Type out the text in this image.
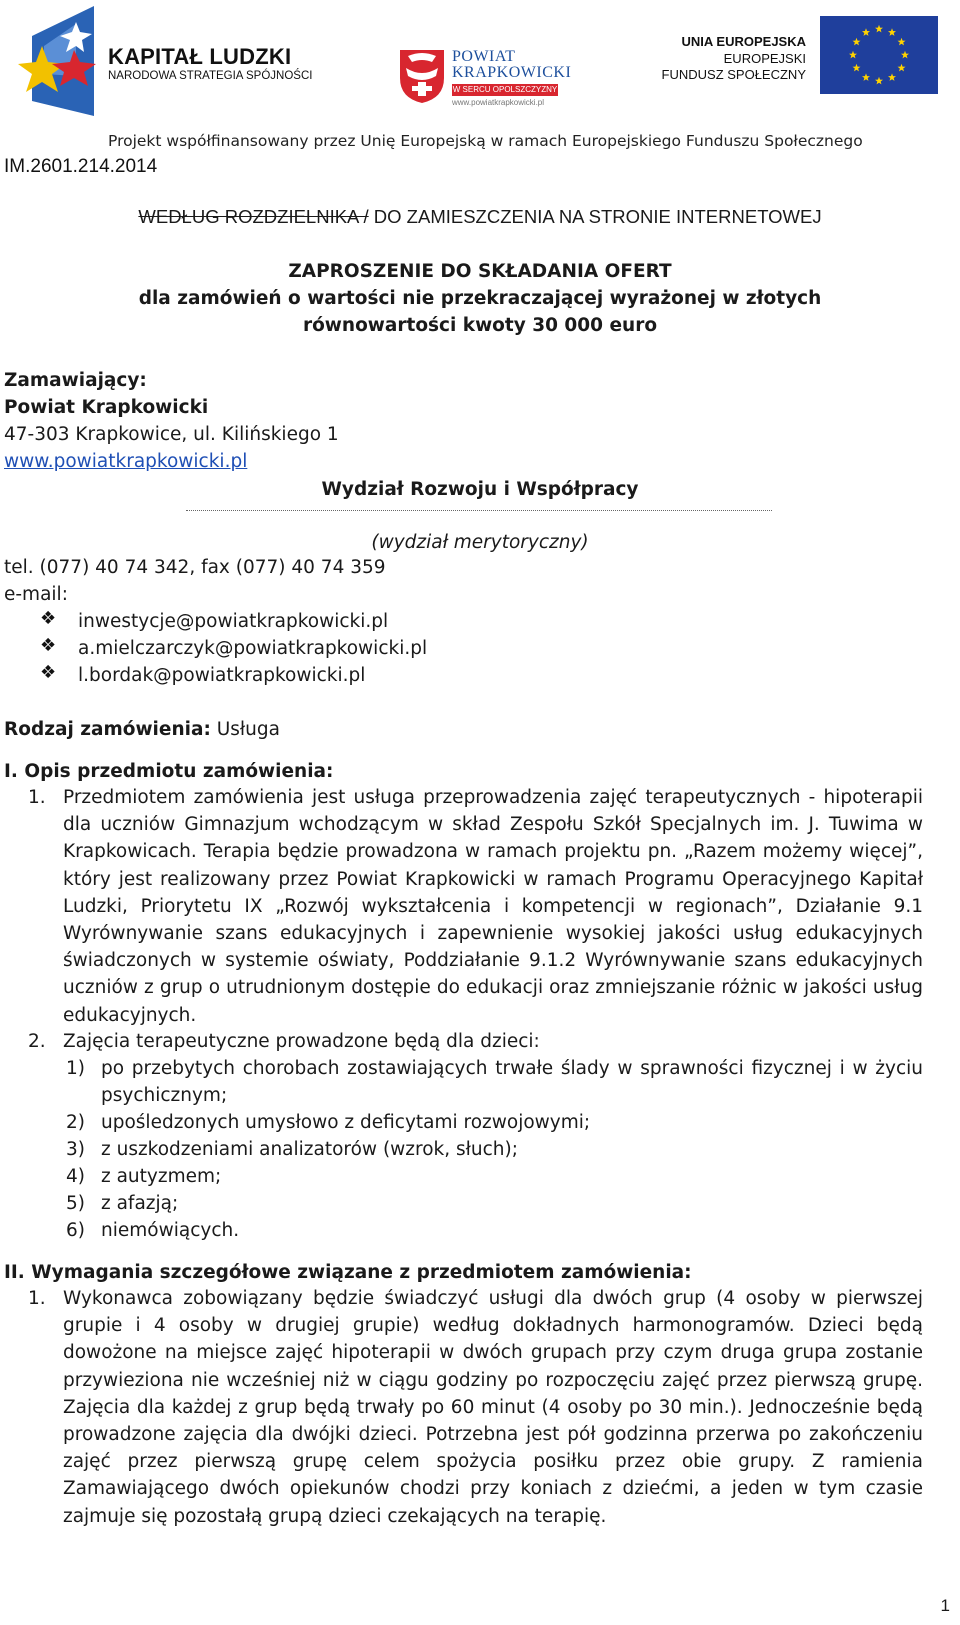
KAPITAŁ LUDZKI
NARODOWA STRATEGIA SPÓJNOŚCI
POWIAT
KRAPKOWICKI
W SERCU OPOLSZCZYZNY
www.powiatkrapkowicki.pl
UNIA EUROPEJSKA
EUROPEJSKI
FUNDUSZ SPOŁECZNY
Projekt współfinansowany przez Unię Europejską w ramach Europejskiego Funduszu Społecznego
IM.2601.214.2014
WEDŁUG ROZDZIELNIKA / DO ZAMIESZCZENIA NA STRONIE INTERNETOWEJ
ZAPROSZENIE DO SKŁADANIA OFERT
dla zamówień o wartości nie przekraczającej wyrażonej w złotych
równowartości kwoty 30 000 euro
Zamawiający:
Powiat Krapkowicki
47-303 Krapkowice, ul. Kilińskiego 1
www.powiatkrapkowicki.pl
Wydział Rozwoju i Współpracy
(wydział merytoryczny)
tel. (077) 40 74 342, fax (077) 40 74 359
e-mail:
❖ inwestycje@powiatkrapkowicki.pl
❖ a.mielczarczyk@powiatkrapkowicki.pl
❖ l.bordak@powiatkrapkowicki.pl
Rodzaj zamówienia: Usługa
I. Opis przedmiotu zamówienia:
1. Przedmiotem zamówienia jest usługa przeprowadzenia zajęć terapeutycznych - hipoterapii dla uczniów Gimnazjum wchodzącym w skład Zespołu Szkół Specjalnych im. J. Tuwima w Krapkowicach. Terapia będzie prowadzona w ramach projektu pn. „Razem możemy więcej”, który jest realizowany przez Powiat Krapkowicki w ramach Programu Operacyjnego Kapitał Ludzki, Priorytetu IX „Rozwój wykształcenia i kompetencji w regionach”, Działanie 9.1 Wyrównywanie szans edukacyjnych i zapewnienie wysokiej jakości usług edukacyjnych świadczonych w systemie oświaty, Poddziałanie 9.1.2 Wyrównywanie szans edukacyjnych uczniów z grup o utrudnionym dostępie do edukacji oraz zmniejszanie różnic w jakości usług edukacyjnych.
2. Zajęcia terapeutyczne prowadzone będą dla dzieci:
1) po przebytych chorobach zostawiających trwałe ślady w sprawności fizycznej i w życiu psychicznym;
2) upośledzonych umysłowo z deficytami rozwojowymi;
3) z uszkodzeniami analizatorów (wzrok, słuch);
4) z autyzmem;
5) z afazją;
6) niemówiących.
II. Wymagania szczegółowe związane z przedmiotem zamówienia:
1. Wykonawca zobowiązany będzie świadczyć usługi dla dwóch grup (4 osoby w pierwszej grupie i 4 osoby w drugiej grupie) według dokładnych harmonogramów. Dzieci będą dowożone na miejsce zajęć hipoterapii w dwóch grupach przy czym druga grupa zostanie przywieziona nie wcześniej niż w ciągu godziny po rozpoczęciu zajęć przez pierwszą grupę. Zajęcia dla każdej z grup będą trwały po 60 minut (4 osoby po 30 min.). Jednocześnie będą prowadzone zajęcia dla dwójki dzieci. Potrzebna jest pół godzinna przerwa po zakończeniu zajęć przez pierwszą grupę celem spożycia posiłku przez obie grupy. Z ramienia Zamawiającego dwóch opiekunów chodzi przy koniach z dziećmi, a jeden w tym czasie zajmuje się pozostałą grupą dzieci czekających na terapię.
1
